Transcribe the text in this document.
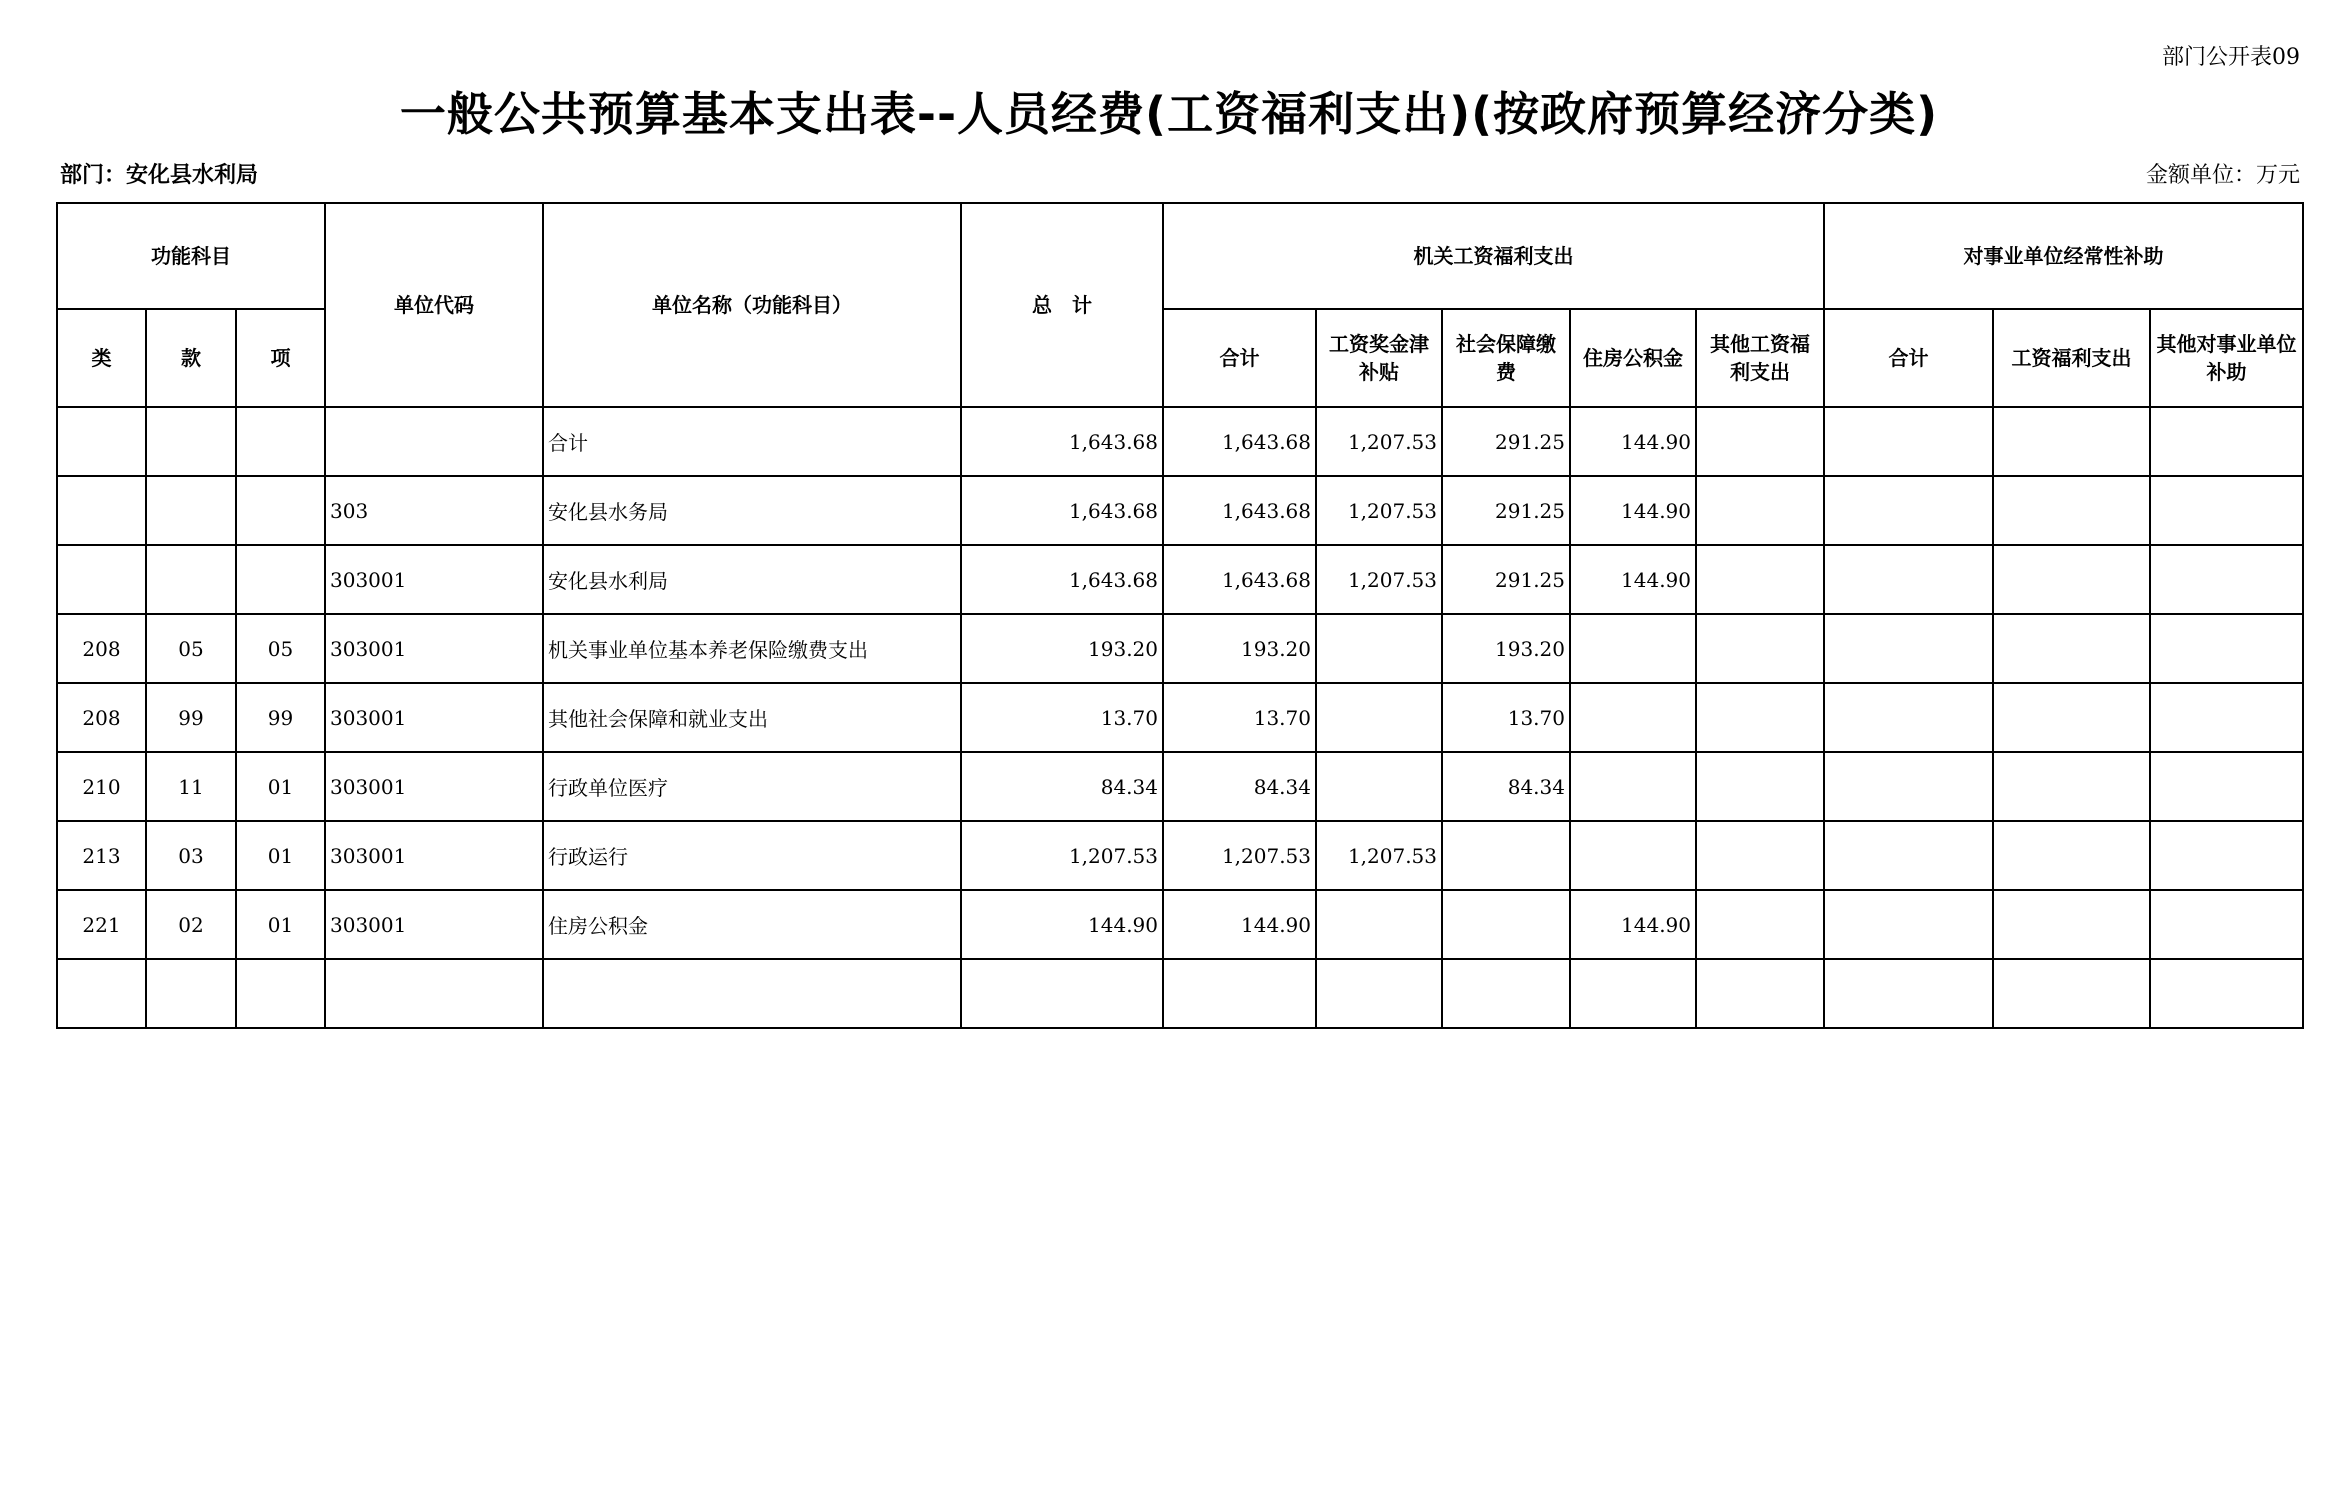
部门公开表09
一般公共预算基本支出表--人员经费(工资福利支出)(按政府预算经济分类)
部门：安化县水利局	金额单位：万元
功能科目			单位代码	单位名称（功能科目）	总　计	机关工资福利支出					对事业单位经常性补助		
类	款	项				合计	工资奖金津补贴	社会保障缴费	住房公积金	其他工资福利支出	合计	工资福利支出	其他对事业单位补助
				合计	1,643.68	1,643.68	1,207.53	291.25	144.90				
			303	安化县水务局	1,643.68	1,643.68	1,207.53	291.25	144.90				
			303001	安化县水利局	1,643.68	1,643.68	1,207.53	291.25	144.90				
208	05	05	303001	机关事业单位基本养老保险缴费支出	193.20	193.20		193.20					
208	99	99	303001	其他社会保障和就业支出	13.70	13.70		13.70					
210	11	01	303001	行政单位医疗	84.34	84.34		84.34					
213	03	01	303001	行政运行	1,207.53	1,207.53	1,207.53						
221	02	01	303001	住房公积金	144.90	144.90			144.90				
